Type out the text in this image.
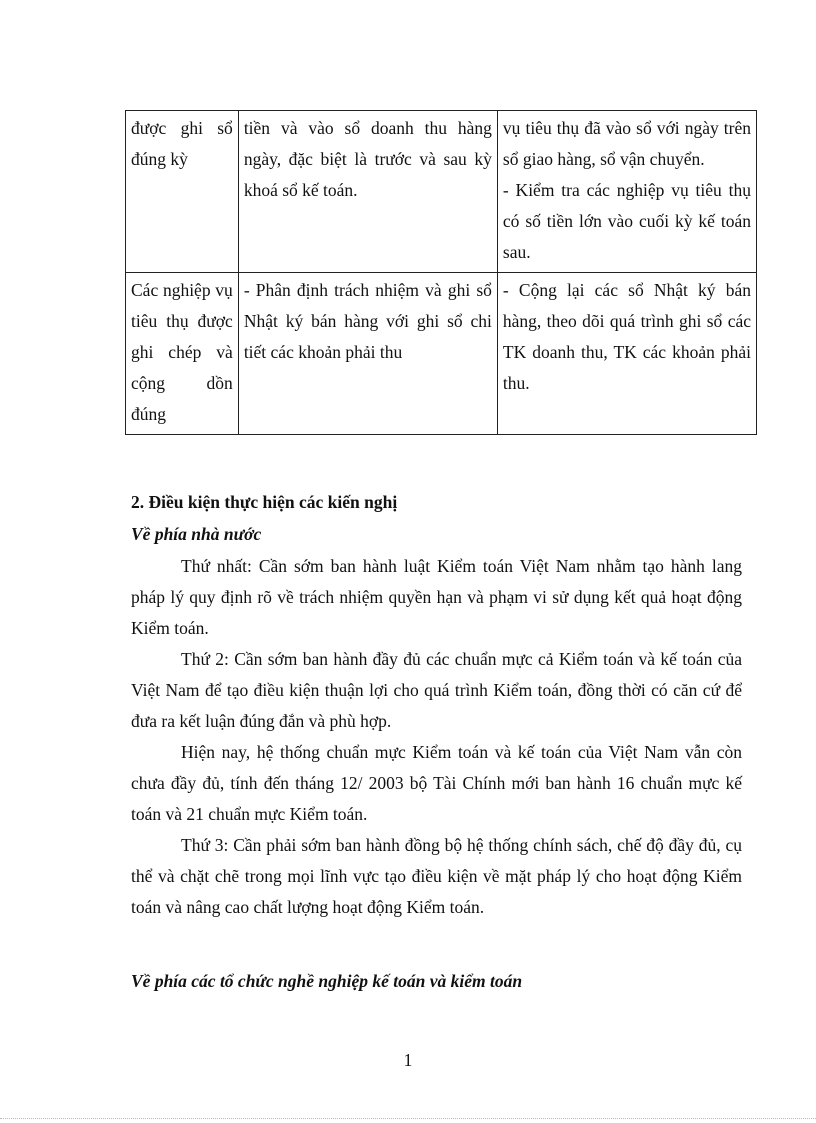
được ghi sổ đúng kỳ	tiền và vào sổ doanh thu hàng ngày, đặc biệt là trước và sau kỳ khoá sổ kế toán.	vụ tiêu thụ đã vào sổ với ngày trên sổ giao hàng, sổ vận chuyển.
- Kiểm tra các nghiệp vụ tiêu thụ có số tiền lớn vào cuối kỳ kế toán sau.

Các nghiệp vụ tiêu thụ được ghi chép và cộng dồn đúng	- Phân định trách nhiệm và ghi sổ Nhật ký bán hàng với ghi sổ chi tiết các khoản phải thu	- Cộng lại các sổ Nhật ký bán hàng, theo dõi quá trình ghi sổ các TK doanh thu, TK các khoản phải thu.
2. Điều kiện thực hiện các kiến nghị
Về phía nhà nước

Thứ nhất: Cần sớm ban hành luật Kiểm toán Việt Nam nhằm tạo hành lang pháp lý quy định rõ về trách nhiệm quyền hạn và phạm vi sử dụng kết quả hoạt động Kiểm toán.

Thứ 2: Cần sớm ban hành đầy đủ các chuẩn mực cả Kiểm toán và kế toán của Việt Nam để tạo điều kiện thuận lợi cho quá trình Kiểm toán, đồng thời có căn cứ để đưa ra kết luận đúng đắn và phù hợp.

Hiện nay, hệ thống chuẩn mực Kiểm toán và kế toán của Việt Nam vẫn còn chưa đầy đủ, tính đến tháng 12/ 2003 bộ Tài Chính mới ban hành 16 chuẩn mực kế toán và 21 chuẩn mực Kiểm toán.

Thứ 3: Cần phải sớm ban hành đồng bộ hệ thống chính sách, chế độ đầy đủ, cụ thể và chặt chẽ trong mọi lĩnh vực tạo điều kiện về mặt pháp lý cho hoạt động Kiểm toán và nâng cao chất lượng hoạt động Kiểm toán.

Về phía các tổ chức nghề nghiệp kế toán và kiểm toán
1
